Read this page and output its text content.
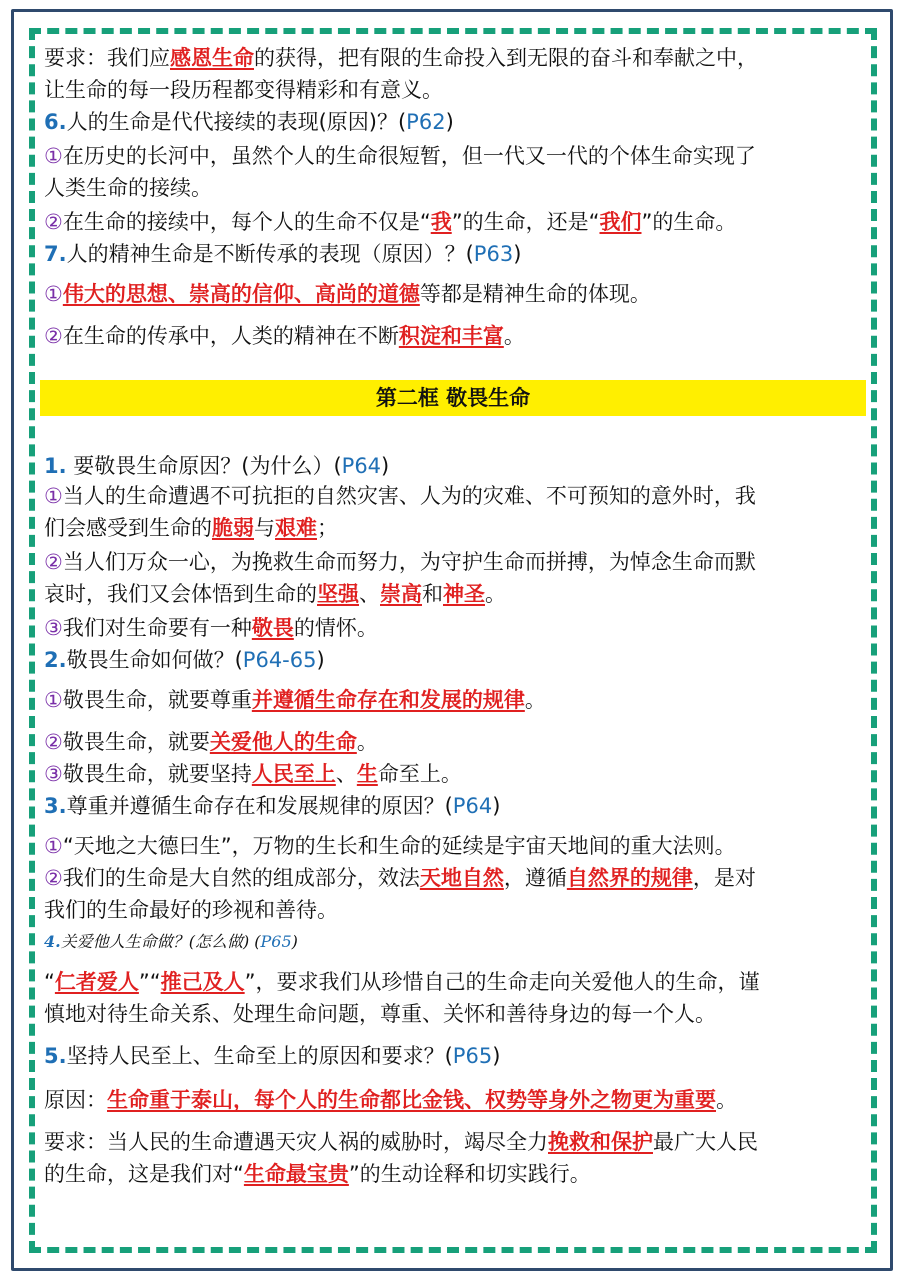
第二框 敬畏生命
要求：我们应感恩生命的获得，把有限的生命投入到无限的奋斗和奉献之中，
让生命的每一段历程都变得精彩和有意义。
6.人的生命是代代接续的表现(原因)？(P62)
①在历史的长河中，虽然个人的生命很短暂，但一代又一代的个体生命实现了
人类生命的接续。
②在生命的接续中，每个人的生命不仅是“我”的生命，还是“我们”的生命。
7.人的精神生命是不断传承的表现（原因）？(P63)
①伟大的思想、崇高的信仰、高尚的道德等都是精神生命的体现。
②在生命的传承中，人类的精神在不断积淀和丰富。
1. 要敬畏生命原因？(为什么）(P64)
①当人的生命遭遇不可抗拒的自然灾害、人为的灾难、不可预知的意外时，我
们会感受到生命的脆弱与艰难；
②当人们万众一心，为挽救生命而努力，为守护生命而拼搏，为悼念生命而默
哀时，我们又会体悟到生命的坚强、崇高和神圣。
③我们对生命要有一种敬畏的情怀。
2.敬畏生命如何做？(P64-65)
①敬畏生命，就要尊重并遵循生命存在和发展的规律。
②敬畏生命，就要关爱他人的生命。
③敬畏生命，就要坚持人民至上、生命至上。
3.尊重并遵循生命存在和发展规律的原因？(P64)
①“天地之大德曰生”，万物的生长和生命的延续是宇宙天地间的重大法则。
②我们的生命是大自然的组成部分，效法天地自然，遵循自然界的规律，是对
我们的生命最好的珍视和善待。
4.关爱他人生命做？(怎么做) (P65)
“仁者爱人”“推己及人”，要求我们从珍惜自己的生命走向关爱他人的生命，谨
慎地对待生命关系、处理生命问题，尊重、关怀和善待身边的每一个人。
5.坚持人民至上、生命至上的原因和要求？(P65)
原因：生命重于泰山，每个人的生命都比金钱、权势等身外之物更为重要。
要求：当人民的生命遭遇天灾人祸的威胁时，竭尽全力挽救和保护最广大人民
的生命，这是我们对“生命最宝贵”的生动诠释和切实践行。
